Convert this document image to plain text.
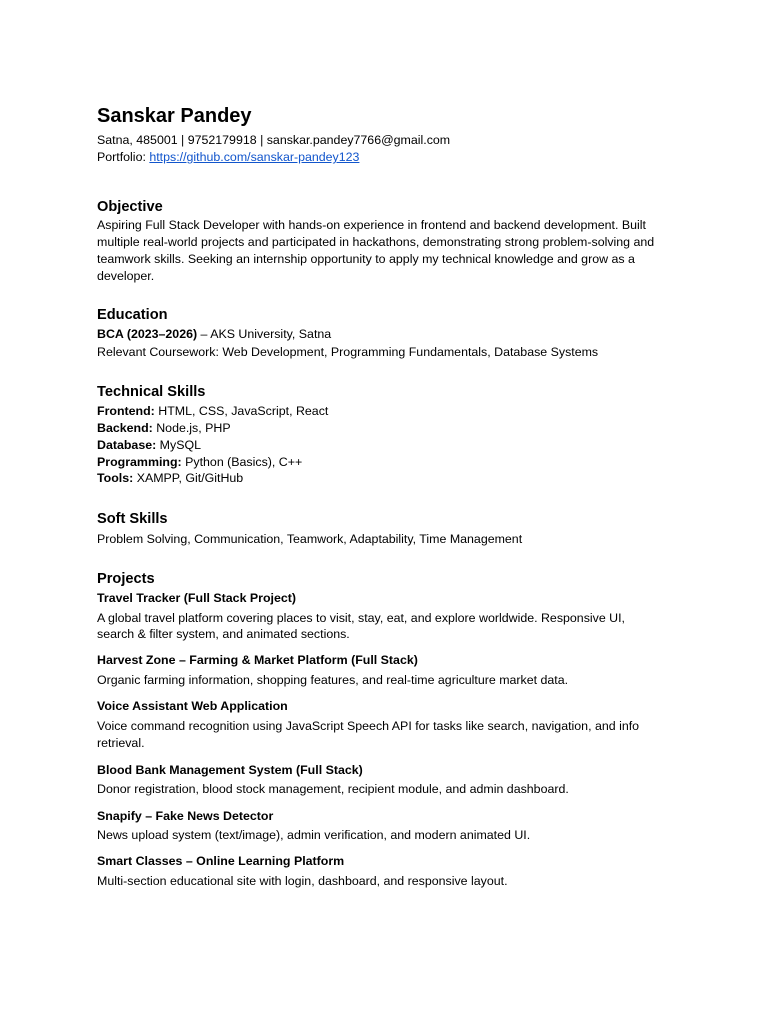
Sanskar Pandey
Satna, 485001 | 9752179918 | sanskar.pandey7766@gmail.com
Portfolio: https://github.com/sanskar-pandey123
Objective
Aspiring Full Stack Developer with hands-on experience in frontend and backend development. Built
multiple real-world projects and participated in hackathons, demonstrating strong problem-solving and
teamwork skills. Seeking an internship opportunity to apply my technical knowledge and grow as a
developer.
Education
BCA (2023–2026) – AKS University, Satna
Relevant Coursework: Web Development, Programming Fundamentals, Database Systems
Technical Skills
Frontend: HTML, CSS, JavaScript, React
Backend: Node.js, PHP
Database: MySQL
Programming: Python (Basics), C++
Tools: XAMPP, Git/GitHub
Soft Skills
Problem Solving, Communication, Teamwork, Adaptability, Time Management
Projects
Travel Tracker (Full Stack Project)
A global travel platform covering places to visit, stay, eat, and explore worldwide. Responsive UI,
search & filter system, and animated sections.
Harvest Zone – Farming & Market Platform (Full Stack)
Organic farming information, shopping features, and real-time agriculture market data.
Voice Assistant Web Application
Voice command recognition using JavaScript Speech API for tasks like search, navigation, and info
retrieval.
Blood Bank Management System (Full Stack)
Donor registration, blood stock management, recipient module, and admin dashboard.
Snapify – Fake News Detector
News upload system (text/image), admin verification, and modern animated UI.
Smart Classes – Online Learning Platform
Multi-section educational site with login, dashboard, and responsive layout.
